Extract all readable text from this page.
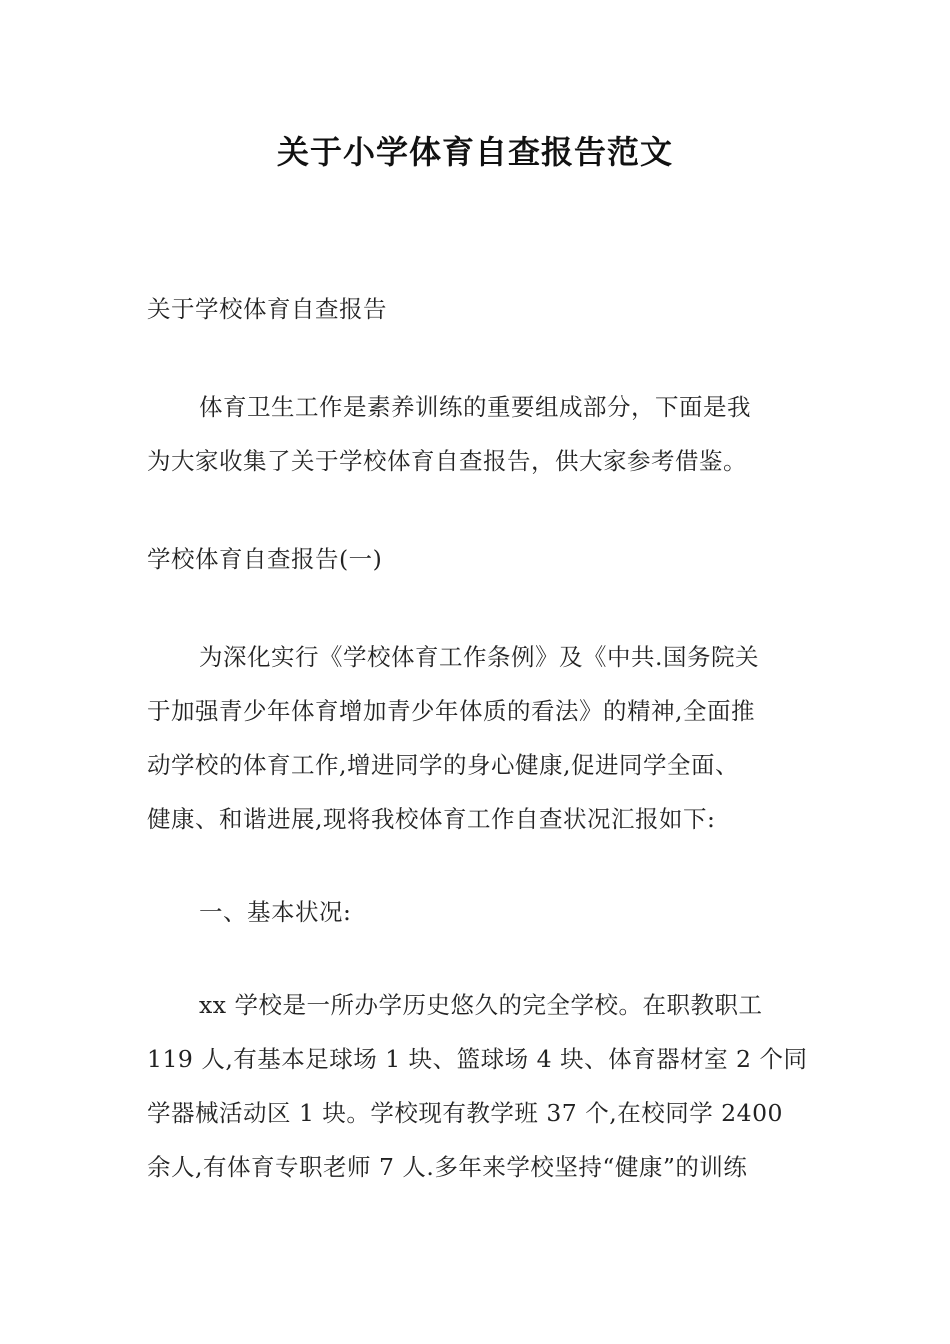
关于小学体育自查报告范文
关于学校体育自查报告
体育卫生工作是素养训练的重要组成部分，下面是我
为大家收集了关于学校体育自查报告，供大家参考借鉴。
学校体育自查报告(一)
为深化实行《学校体育工作条例》及《中共.国务院关
于加强青少年体育增加青少年体质的看法》的精神,全面推
动学校的体育工作,增进同学的身心健康,促进同学全面、
健康、和谐进展,现将我校体育工作自查状况汇报如下:
一、基本状况:
xx 学校是一所办学历史悠久的完全学校。在职教职工
119 人,有基本足球场 1 块、篮球场 4 块、体育器材室 2 个同
学器械活动区 1 块。学校现有教学班 37 个,在校同学 2400
余人,有体育专职老师 7 人.多年来学校坚持“健康”的训练
